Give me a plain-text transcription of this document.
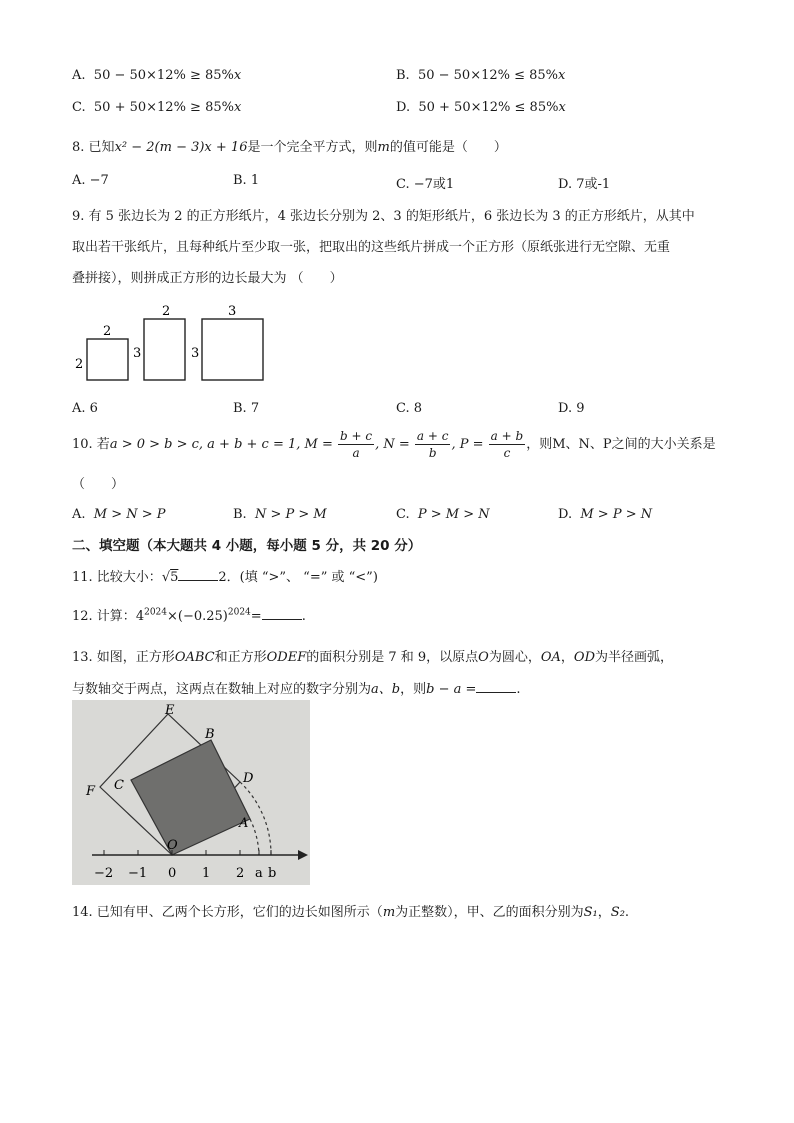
A. 50 − 50×12% ≥ 85%x	B. 50 − 50×12% ≤ 85%x
C. 50 + 50×12% ≥ 85%x	D. 50 + 50×12% ≤ 85%x
8. 已知x² − 2(m − 3)x + 16是一个完全平方式，则m的值可能是（　　）
A. −7	B. 1	C. −7或1	D. 7或-1
9. 有 5 张边长为 2 的正方形纸片，4 张边长分别为 2、3 的矩形纸片，6 张边长为 3 的正方形纸片，从其中
取出若干张纸片，且每种纸片至少取一张，把取出的这些纸片拼成一个正方形（原纸张进行无空隙、无重
叠拼接），则拼成正方形的边长最大为 （　　）
2
2
2
3
3
3
A. 6	B. 7	C. 8	D. 9
10. 若a > 0 > b > c, a + b + c = 1, $M = \frac{b + c}{a}$ , $N = \frac{a + c}{b}$ , $P = \frac{a + b}{c}$ ，则M、N、P之间的大小关系是
（　　）
A. M > N > P	B. N > P > M	C. P > M > N	D. M > P > N
二、填空题（本大题共 4 小题，每小题 5 分，共 20 分）
11. 比较大小：√5	2．(填 “>”、 “=” 或 “<”)
12. 计算：$4^{2024}\times(-0.25)^{2024}=$	.
13. 如图，正方形OABC和正方形ODEF的面积分别是 7 和 9，以原点O为圆心，OA，OD为半径画弧，
与数轴交于两点，这两点在数轴上对应的数字分别为a、b，则b − a =	.
E
B
F C	D
A
O
−2 −1 0 1 2 a b
14. 已知有甲、乙两个长方形，它们的边长如图所示（m为正整数），甲、乙的面积分别为S₁，S₂.
